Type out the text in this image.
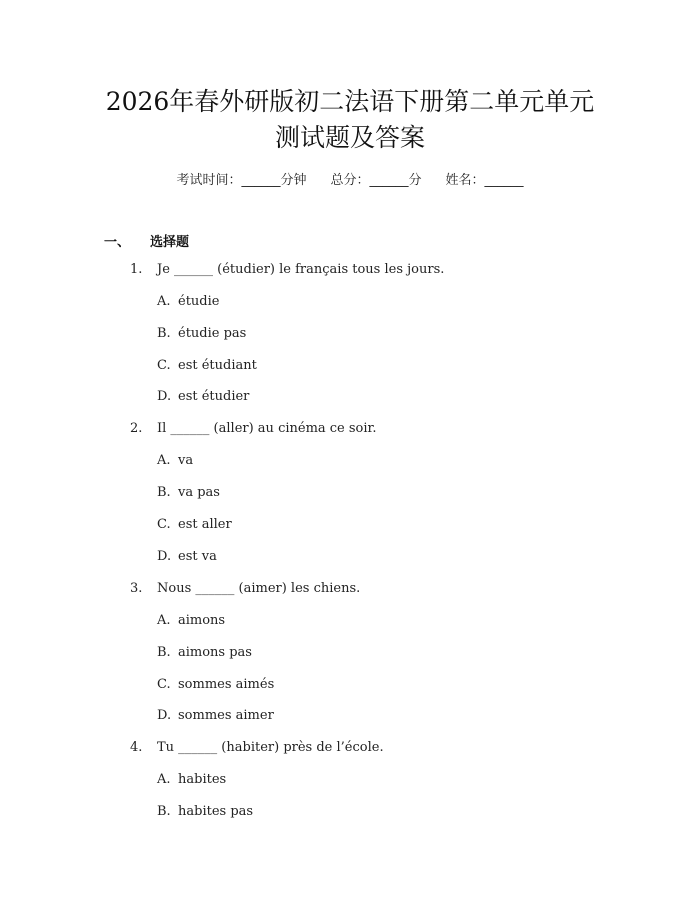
2026年春外研版初二法语下册第二单元单元
测试题及答案
考试时间：______分钟 总分：______分 姓名：______
一、 选择题
1. Je ______ (étudier) le français tous les jours.
A. étudie
B. étudie pas
C. est étudiant
D. est étudier
2. Il ______ (aller) au cinéma ce soir.
A. va
B. va pas
C. est aller
D. est va
3. Nous ______ (aimer) les chiens.
A. aimons
B. aimons pas
C. sommes aimés
D. sommes aimer
4. Tu ______ (habiter) près de l’école.
A. habites
B. habites pas
